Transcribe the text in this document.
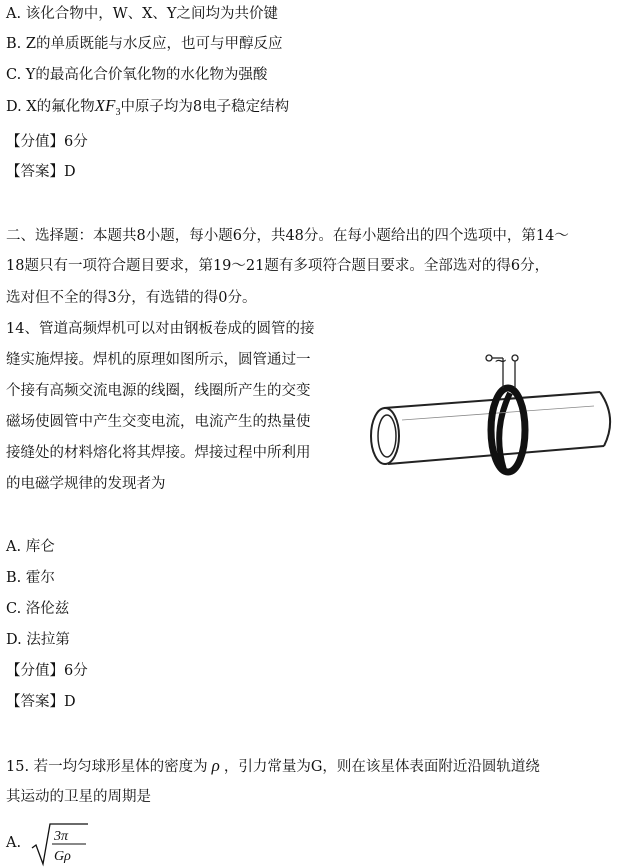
A. 该化合物中，W、X、Y之间均为共价键
B. Z的单质既能与水反应，也可与甲醇反应
C. Y的最高化合价氧化物的水化物为强酸
D. X的氟化物$XF_3$中原子均为8电子稳定结构
【分值】6分
【答案】D
二、选择题：本题共8小题，每小题6分，共48分。在每小题给出的四个选项中，第14～
18题只有一项符合题目要求，第19～21题有多项符合题目要求。全部选对的得6分，
选对但不全的得3分，有选错的得0分。
14、管道高频焊机可以对由钢板卷成的圆管的接
缝实施焊接。焊机的原理如图所示，圆管通过一
个接有高频交流电源的线圈，线圈所产生的交变
磁场使圆管中产生交变电流，电流产生的热量使
接缝处的材料熔化将其焊接。焊接过程中所利用
的电磁学规律的发现者为
~
A. 库仑
B. 霍尔
C. 洛伦兹
D. 法拉第
【分值】6分
【答案】D
15. 若一均匀球形星体的密度为 ρ ，引力常量为G，则在该星体表面附近沿圆轨道绕
其运动的卫星的周期是
A. 3π
Gρ
